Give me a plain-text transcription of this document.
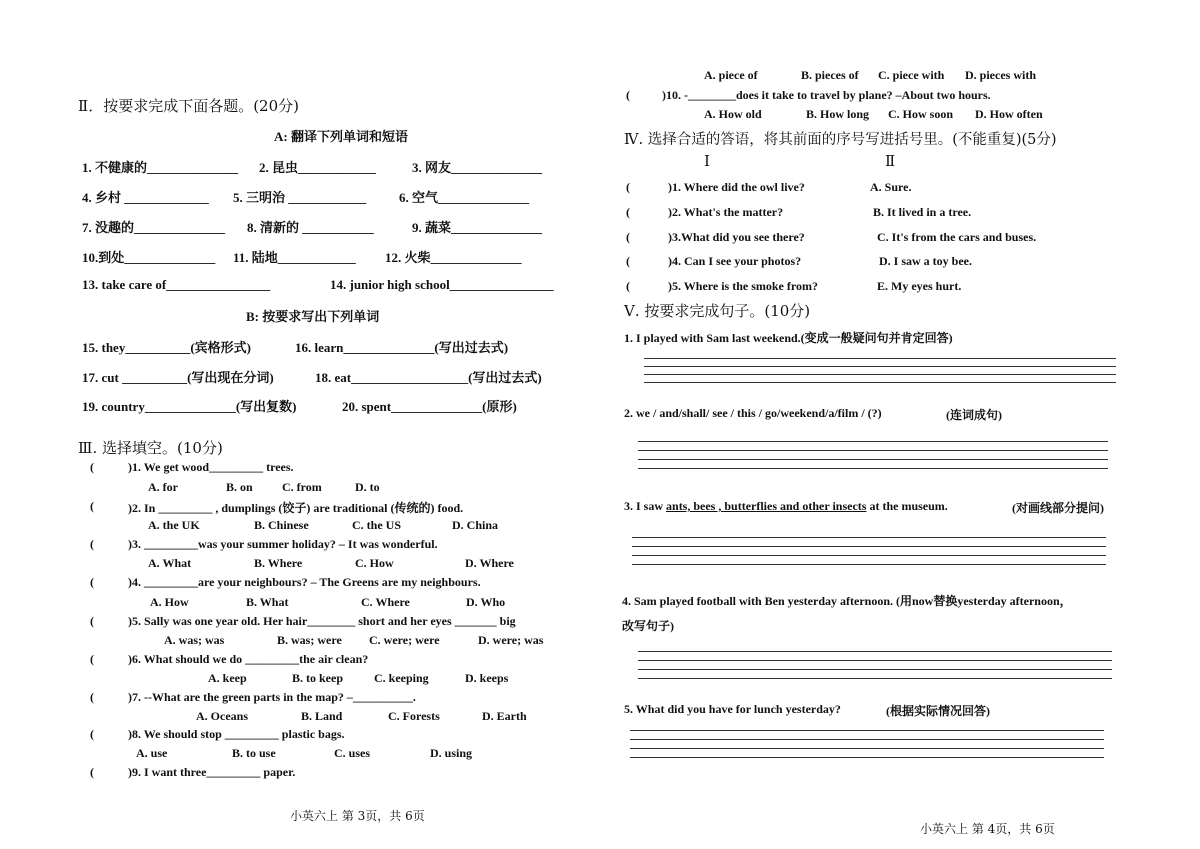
Ⅱ．按要求完成下面各题。(20分)
A: 翻译下列单词和短语
1. 不健康的______________ 2. 昆虫____________	3. 网友______________
4. 乡村 _____________ 5. 三明治 ____________	6. 空气______________
7. 没趣的______________ 8. 清新的 ___________	9. 蔬菜______________
10.到处______________ 11. 陆地____________ 12. 火柴______________
13. take care of________________	14. junior high school________________
B: 按要求写出下列单词
15. they__________(宾格形式)	16. learn______________(写出过去式)
17. cut __________(写出现在分词)	18. eat__________________(写出过去式)
19. country______________(写出复数)	20. spent______________(原形)
Ⅲ. 选择填空。(10分)
(	)1. We get wood_________ trees.
A. for	B. on C. from	D. to
(	)2. In _________ , dumplings (饺子) are traditional (传统的) food.
A. the UK	B. Chinese	C. the US	D. China
(	)3. _________was your summer holiday? – It was wonderful.
A. What	B. Where	C. How	D. Where
(	)4. _________are your neighbours? – The Greens are my neighbours.
A. How	B. What	C. Where	D. Who
(	)5. Sally was one year old. Her hair________ short and her eyes _______ big
A. was; was	B. was; were C. were; were	D. were; was
(	)6. What should we do _________the air clean?
A. keep	B. to keep	C. keeping	D. keeps
(	)7. --What are the green parts in the map? –__________.
A. Oceans	B. Land	C. Forests	D. Earth
(	)8. We should stop _________ plastic bags.
A. use	B. to use	C. uses	D. using
(	)9. I want three_________ paper.
小英六上 第 3页，共 6页
A. piece of	B. pieces of C. piece with D. pieces with
(	)10. -________does it take to travel by plane? –About two hours.
A. How old	B. How long C. How soon D. How often
Ⅳ. 选择合适的答语，将其前面的序号写进括号里。(不能重复)(5分)
Ⅰ	Ⅱ
(	)1. Where did the owl live?	A. Sure.
(	)2. What's the matter?	B. It lived in a tree.
(	)3.What did you see there?	C. It's from the cars and buses.
(	)4. Can I see your photos?	D. I saw a toy bee.
(	)5. Where is the smoke from?	E. My eyes hurt.
Ⅴ. 按要求完成句子。(10分)
1. I played with Sam last weekend.(变成一般疑问句并肯定回答)
2. we / and/shall/ see / this / go/weekend/a/film / (?)	(连词成句)
3. I saw ants, bees , butterflies and other insects at the museum.	(对画线部分提问)
4. Sam played football with Ben yesterday afternoon. (用now替换yesterday afternoon，
改写句子)
5. What did you have for lunch yesterday?	(根据实际情况回答)
小英六上 第 4页，共 6页
